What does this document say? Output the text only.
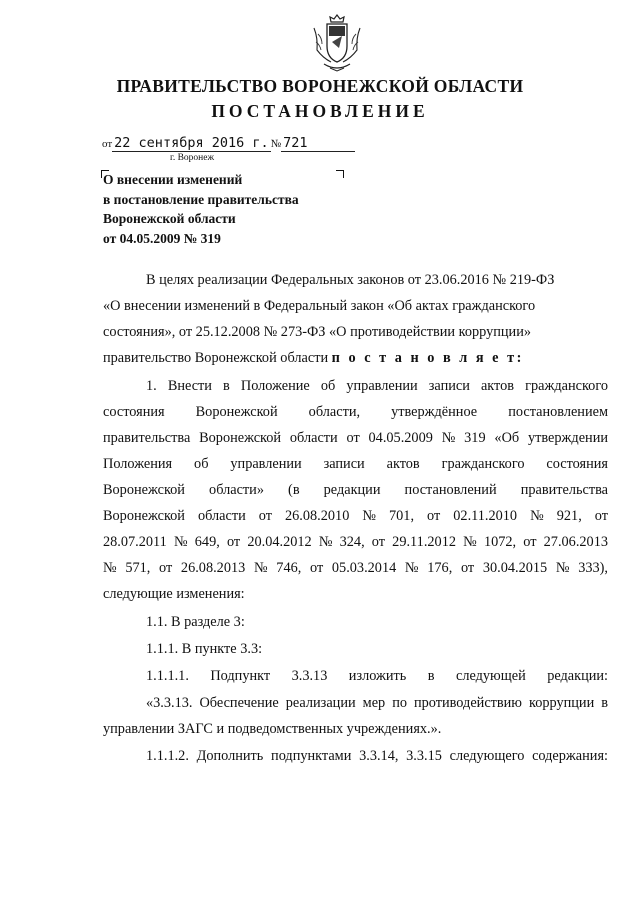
ПРАВИТЕЛЬСТВО ВОРОНЕЖСКОЙ ОБЛАСТИ
ПОСТАНОВЛЕНИЕ
от 22 сентября 2016 г. № 721
г. Воронеж
О внесении изменений
в постановление правительства
Воронежской области
от 04.05.2009 № 319
В целях реализации Федеральных законов от 23.06.2016 № 219-ФЗ
«О внесении изменений в Федеральный закон «Об актах гражданского
состояния», от 25.12.2008 № 273-ФЗ «О противодействии коррупции»
правительство Воронежской области п о с т а н о в л я е т:
1. Внести в Положение об управлении записи актов гражданского
состояния Воронежской области, утверждённое постановлением
правительства Воронежской области от 04.05.2009 № 319 «Об утверждении
Положения об управлении записи актов гражданского состояния
Воронежской области» (в редакции постановлений правительства
Воронежской области от 26.08.2010 № 701, от 02.11.2010 № 921, от
28.07.2011 № 649, от 20.04.2012 № 324, от 29.11.2012 № 1072, от 27.06.2013
№ 571, от 26.08.2013 № 746, от 05.03.2014 № 176, от 30.04.2015 № 333),
следующие изменения:
1.1. В разделе 3:
1.1.1. В пункте 3.3:
1.1.1.1. Подпункт 3.3.13 изложить в следующей редакции:
«3.3.13. Обеспечение реализации мер по противодействию коррупции в
управлении ЗАГС и подведомственных учреждениях.».
1.1.1.2. Дополнить подпунктами 3.3.14, 3.3.15 следующего содержания:
